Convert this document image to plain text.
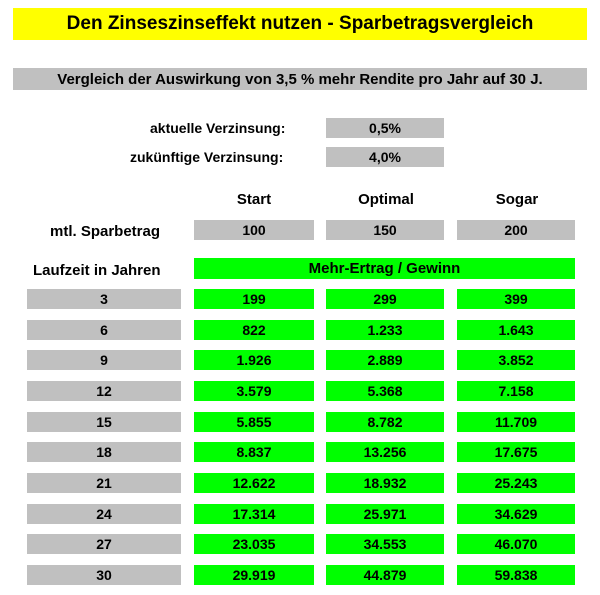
Den Zinseszinseffekt nutzen - Sparbetragsvergleich
Vergleich der Auswirkung von 3,5 % mehr Rendite pro Jahr auf 30 J.
aktuelle Verzinsung:	0,5%
zukünftige Verzinsung:	4,0%
Start	Optimal	Sogar
mtl. Sparbetrag	100	150	200
Laufzeit in Jahren	Mehr-Ertrag / Gewinn
3	199	299	399
6	822	1.233	1.643
9	1.926	2.889	3.852
12	3.579	5.368	7.158
15	5.855	8.782	11.709
18	8.837	13.256	17.675
21	12.622	18.932	25.243
24	17.314	25.971	34.629
27	23.035	34.553	46.070
30	29.919	44.879	59.838
